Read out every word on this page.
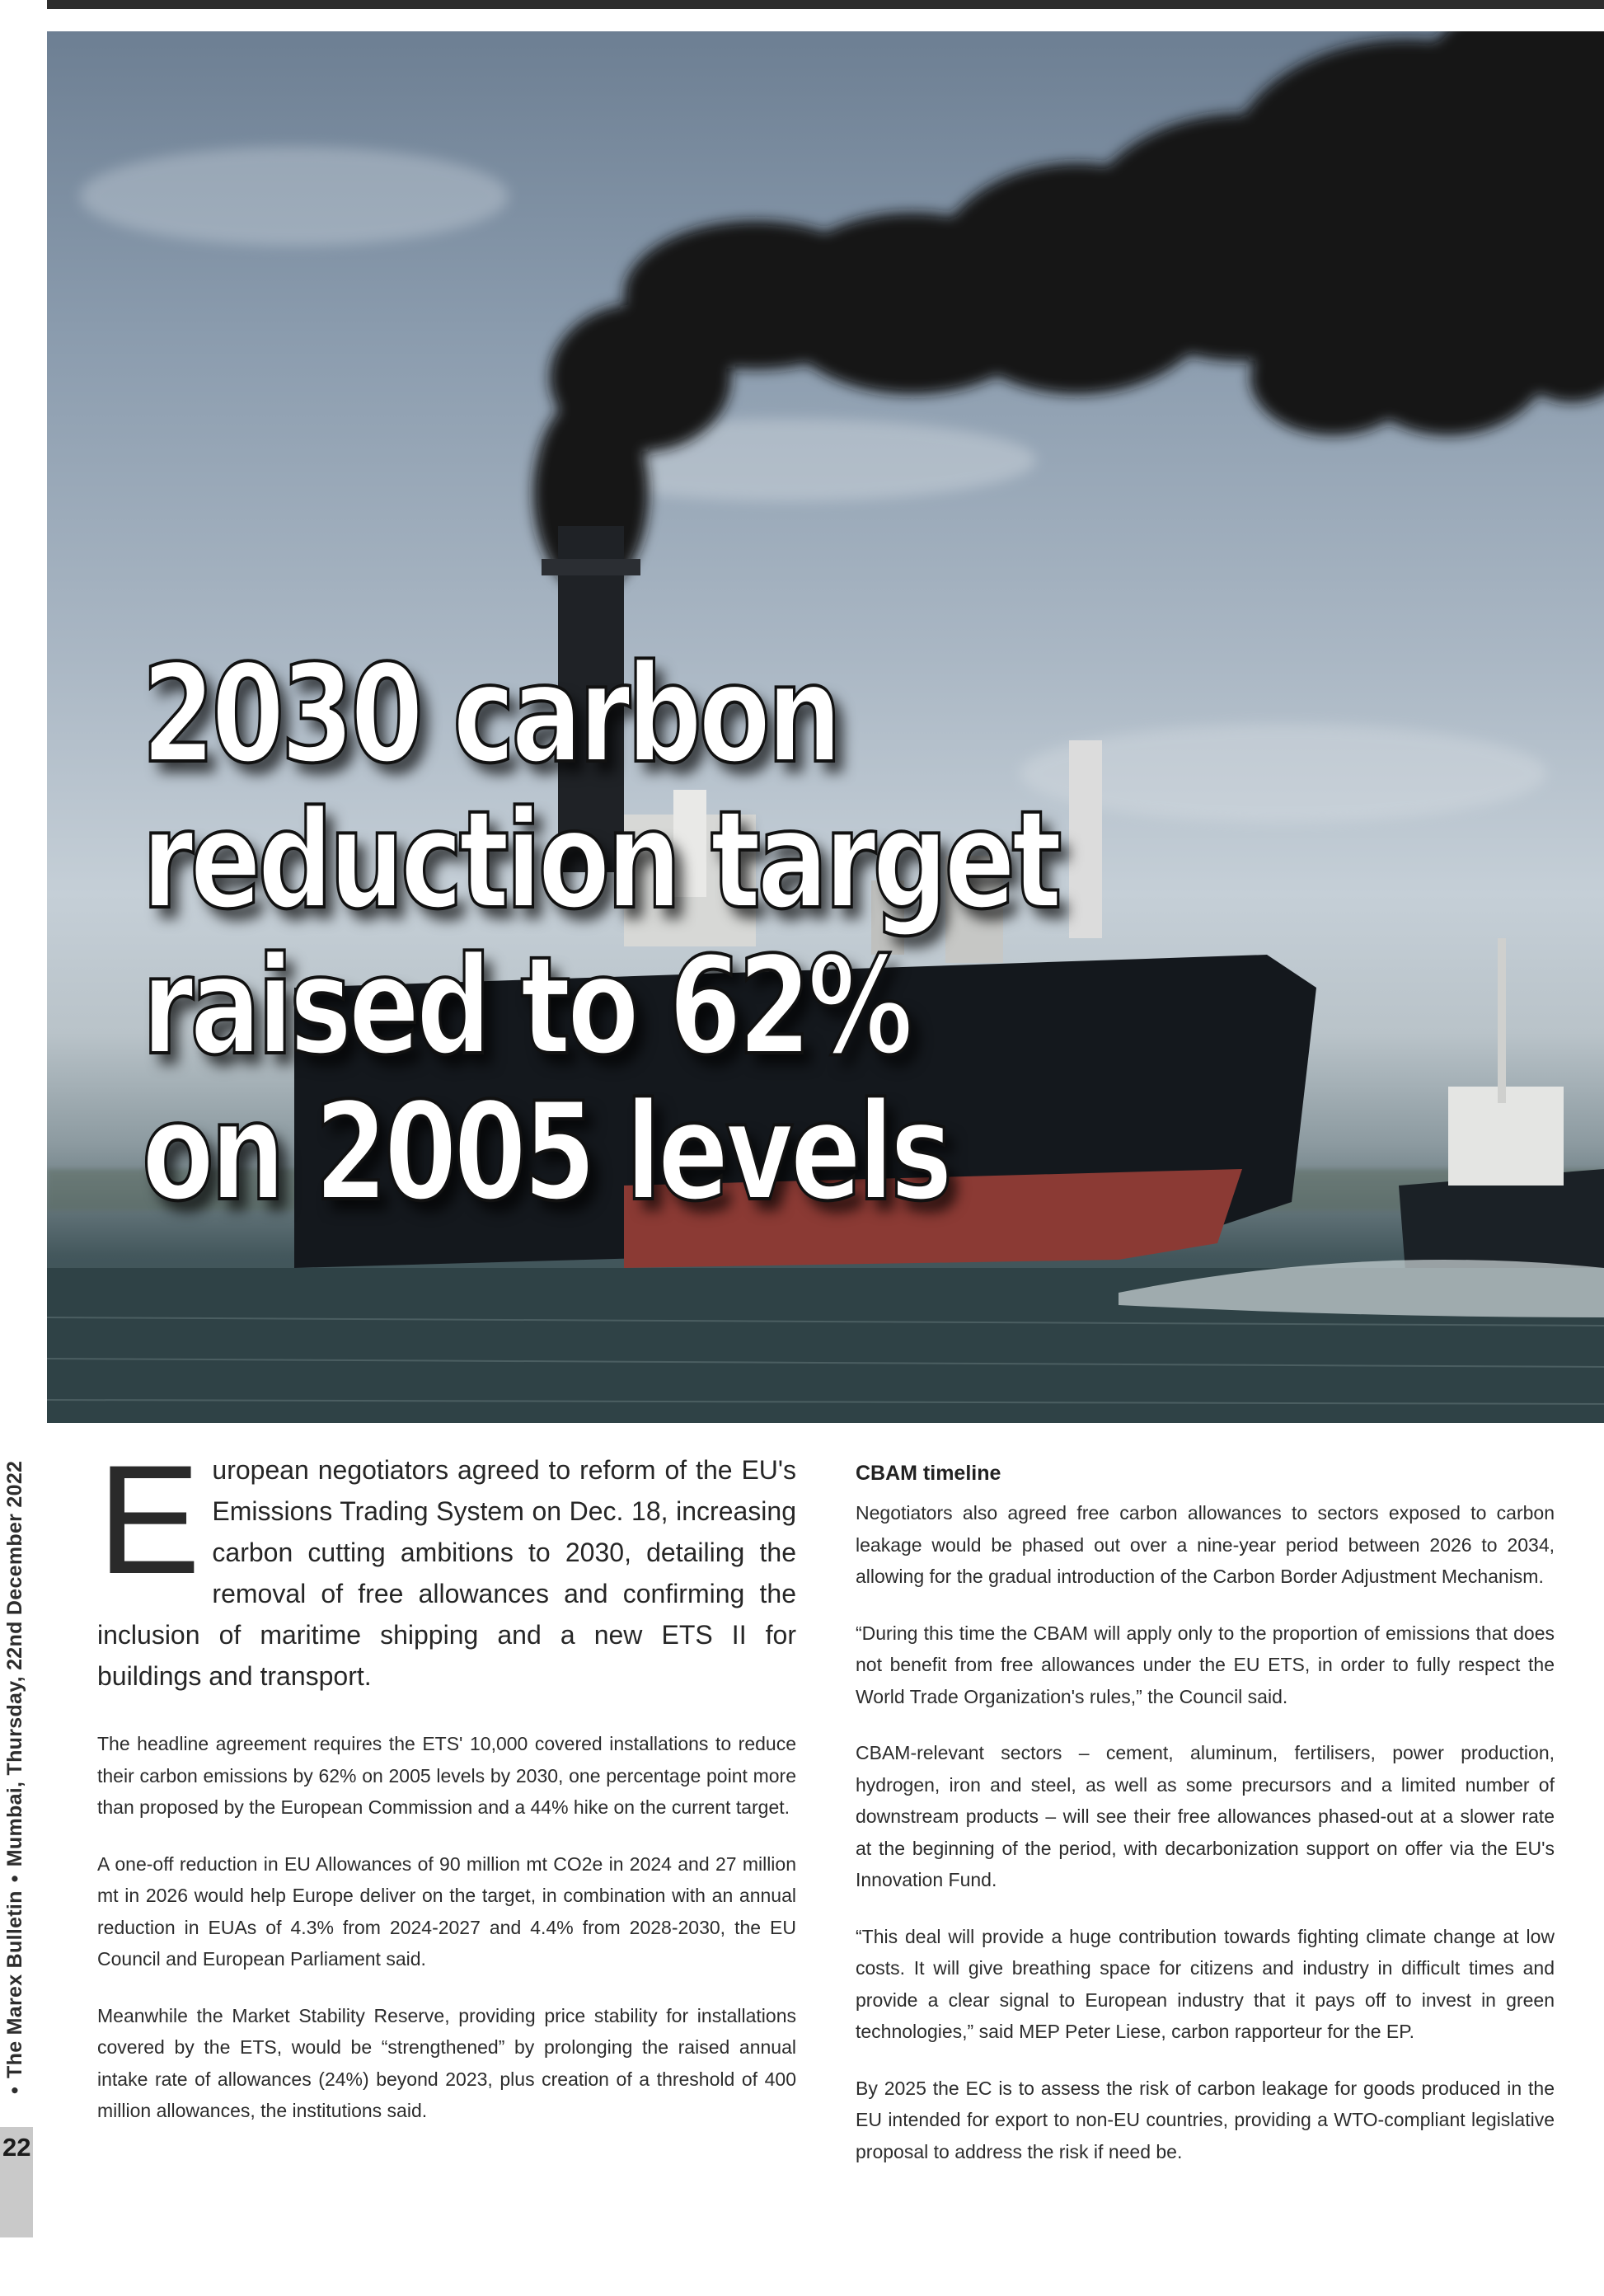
2030 carbon
reduction target
raised to 62%
on 2005 levels
•The Marex Bulletin•Mumbai, Thursday, 22nd December 2022
22

European negotiators agreed to reform of the EU's Emissions Trading System on Dec. 18, increasing carbon cutting ambitions to 2030, detailing the removal of free allowances and confirming the inclusion of maritime shipping and a new ETS II for buildings and transport.

The headline agreement requires the ETS' 10,000 covered installations to reduce their carbon emissions by 62% on 2005 levels by 2030, one percentage point more than proposed by the European Commission and a 44% hike on the current target.

A one-off reduction in EU Allowances of 90 million mt CO2e in 2024 and 27 million mt in 2026 would help Europe deliver on the target, in combination with an annual reduction in EUAs of 4.3% from 2024-2027 and 4.4% from 2028-2030, the EU Council and European Parliament said.

Meanwhile the Market Stability Reserve, providing price stability for installations covered by the ETS, would be “strengthened” by prolonging the raised annual intake rate of allowances (24%) beyond 2023, plus creation of a threshold of 400 million allowances, the institutions said.

CBAM timeline

Negotiators also agreed free carbon allowances to sectors exposed to carbon leakage would be phased out over a nine-year period between 2026 to 2034, allowing for the gradual introduction of the Carbon Border Adjustment Mechanism.

“During this time the CBAM will apply only to the proportion of emissions that does not benefit from free allowances under the EU ETS, in order to fully respect the World Trade Organization's rules,” the Council said.

CBAM-relevant sectors – cement, aluminum, fertilisers, power production, hydrogen, iron and steel, as well as some precursors and a limited number of downstream products – will see their free allowances phased-out at a slower rate at the beginning of the period, with decarbonization support on offer via the EU's Innovation Fund.

“This deal will provide a huge contribution towards fighting climate change at low costs. It will give breathing space for citizens and industry in difficult times and provide a clear signal to European industry that it pays off to invest in green technologies,” said MEP Peter Liese, carbon rapporteur for the EP.

By 2025 the EC is to assess the risk of carbon leakage for goods produced in the EU intended for export to non-EU countries, providing a WTO-compliant legislative proposal to address the risk if need be.
